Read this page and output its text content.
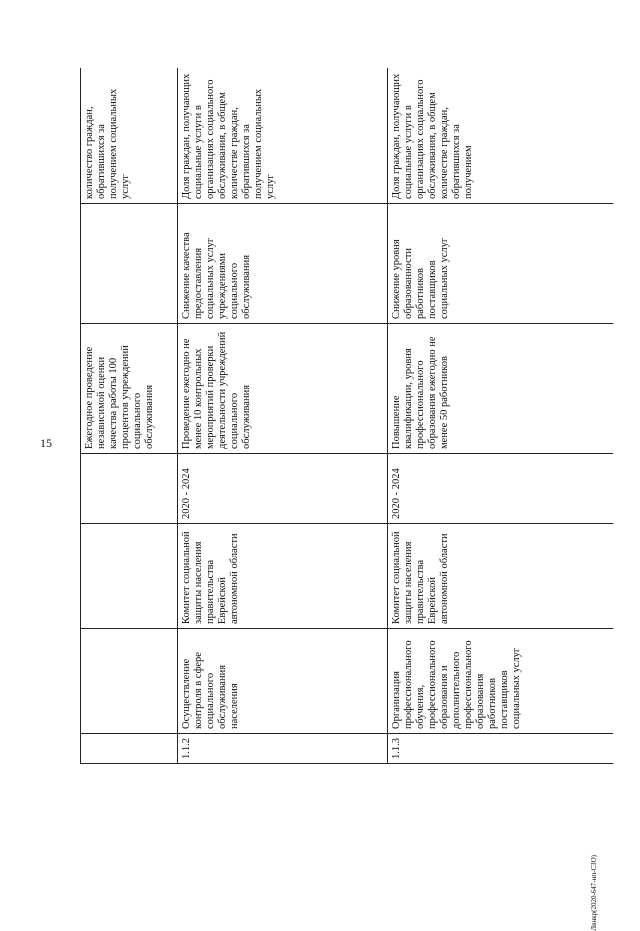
15
Лвнкр(2020-647-нп-СЗО)
				Ежегодное проведение независимой оценки качества работы 100 процентов учреждений социального обслуживания		количество граждан, обратившихся за получением социальных услуг
1.1.2	Осуществление контроля в сфере социального обслуживания населения	Комитет социальной защиты населения правительства Еврейской автономной области	2020 - 2024	Проведение ежегодно не менее 10 контрольных мероприятий проверки деятельности учреждений социального обслуживания	Снижение качества предоставления социальных услуг учреждениями социального обслуживания	Доля граждан, получающих социальные услуги в организациях социального обслуживания, в общем количестве граждан, обратившихся за получением социальных услуг
1.1.3	Организация профессионального обучения, профессионального образования и дополнительного профессионального образования работников поставщиков социальных услуг	Комитет социальной защиты населения правительства Еврейской автономной области	2020 - 2024	Повышение квалификации, уровня профессионального образования ежегодно не менее 50 работников	Снижение уровня образованности работников поставщиков социальных услуг	Доля граждан, получающих социальные услуги в организациях социального обслуживания, в общем количестве граждан, обратившихся за получением
